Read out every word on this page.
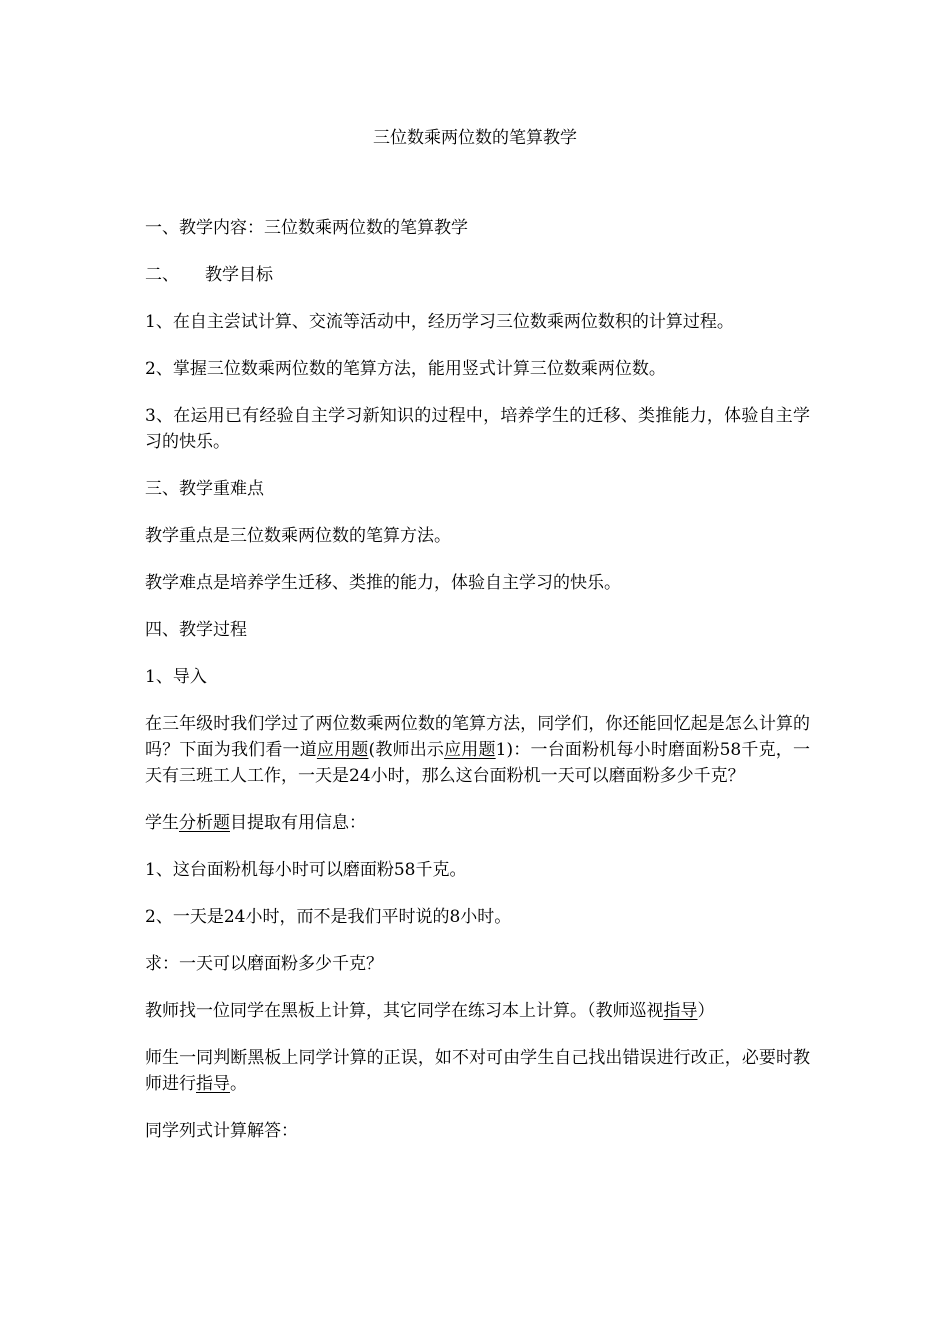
三位数乘两位数的笔算教学

一、教学内容：三位数乘两位数的笔算教学

二、 教学目标

1、在自主尝试计算、交流等活动中，经历学习三位数乘两位数积的计算过程。

2、掌握三位数乘两位数的笔算方法，能用竖式计算三位数乘两位数。

3、在运用已有经验自主学习新知识的过程中，培养学生的迁移、类推能力，体验自主学习的快乐。

三、教学重难点

教学重点是三位数乘两位数的笔算方法。

教学难点是培养学生迁移、类推的能力，体验自主学习的快乐。

四、教学过程

1、导入

在三年级时我们学过了两位数乘两位数的笔算方法，同学们，你还能回忆起是怎么计算的吗？下面为我们看一道应用题(教师出示应用题1)：一台面粉机每小时磨面粉58千克，一天有三班工人工作，一天是24小时，那么这台面粉机一天可以磨面粉多少千克？

学生分析题目提取有用信息：

1、这台面粉机每小时可以磨面粉58千克。

2、一天是24小时，而不是我们平时说的8小时。

求：一天可以磨面粉多少千克？

教师找一位同学在黑板上计算，其它同学在练习本上计算。（教师巡视指导）

师生一同判断黑板上同学计算的正误，如不对可由学生自己找出错误进行改正，必要时教师进行指导。

同学列式计算解答：
